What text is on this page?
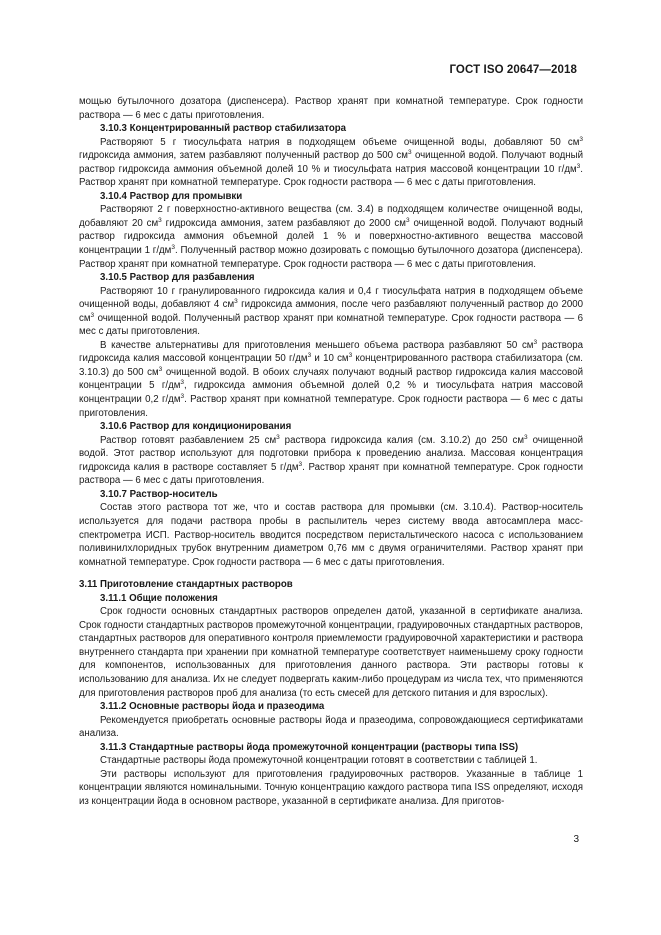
ГОСТ ISO 20647—2018

мощью бутылочного дозатора (диспенсера). Раствор хранят при комнатной температуре. Срок годности раствора — 6 мес с даты приготовления.

3.10.3 Концентрированный раствор стабилизатора

Растворяют 5 г тиосульфата натрия в подходящем объеме очищенной воды, добавляют 50 $см^3$ гидроксида аммония, затем разбавляют полученный раствор до 500 $см^3$ очищенной водой. Получают водный раствор гидроксида аммония объемной долей 10 % и тиосульфата натрия массовой концентрации 10 $г/дм^3$. Раствор хранят при комнатной температуре. Срок годности раствора — 6 мес с даты приготовления.

3.10.4 Раствор для промывки

Растворяют 2 г поверхностно-активного вещества (см. 3.4) в подходящем количестве очищенной воды, добавляют 20 $см^3$ гидроксида аммония, затем разбавляют до 2000 $см^3$ очищенной водой. Получают водный раствор гидроксида аммония объемной долей 1 % и поверхностно-активного вещества массовой концентрации 1 $г/дм^3$. Полученный раствор можно дозировать с помощью бутылочного дозатора (диспенсера). Раствор хранят при комнатной температуре. Срок годности раствора — 6 мес с даты приготовления.

3.10.5 Раствор для разбавления

Растворяют 10 г гранулированного гидроксида калия и 0,4 г тиосульфата натрия в подходящем объеме очищенной воды, добавляют 4 $см^3$ гидроксида аммония, после чего разбавляют полученный раствор до 2000 $см^3$ очищенной водой. Полученный раствор хранят при комнатной температуре. Срок годности раствора — 6 мес с даты приготовления.

В качестве альтернативы для приготовления меньшего объема раствора разбавляют 50 $см^3$ раствора гидроксида калия массовой концентрации 50 $г/дм^3$ и 10 $см^3$ концентрированного раствора стабилизатора (см. 3.10.3) до 500 $см^3$ очищенной водой. В обоих случаях получают водный раствор гидроксида калия массовой концентрации 5 $г/дм^3$, гидроксида аммония объемной долей 0,2 % и тиосульфата натрия массовой концентрации 0,2 $г/дм^3$. Раствор хранят при комнатной температуре. Срок годности раствора — 6 мес с даты приготовления.

3.10.6 Раствор для кондиционирования

Раствор готовят разбавлением 25 $см^3$ раствора гидроксида калия (см. 3.10.2) до 250 $см^3$ очищенной водой. Этот раствор используют для подготовки прибора к проведению анализа. Массовая концентрация гидроксида калия в растворе составляет 5 $г/дм^3$. Раствор хранят при комнатной температуре. Срок годности раствора — 6 мес с даты приготовления.

3.10.7 Раствор-носитель

Состав этого раствора тот же, что и состав раствора для промывки (см. 3.10.4). Раствор-носитель используется для подачи раствора пробы в распылитель через систему ввода автосамплера масс-спектрометра ИСП. Раствор-носитель вводится посредством перистальтического насоса с использованием поливинилхлоридных трубок внутренним диаметром 0,76 мм с двумя ограничителями. Раствор хранят при комнатной температуре. Срок годности раствора — 6 мес с даты приготовления.

3.11 Приготовление стандартных растворов

3.11.1 Общие положения

Срок годности основных стандартных растворов определен датой, указанной в сертификате анализа. Срок годности стандартных растворов промежуточной концентрации, градуировочных стандартных растворов, стандартных растворов для оперативного контроля приемлемости градуировочной характеристики и раствора внутреннего стандарта при хранении при комнатной температуре соответствует наименьшему сроку годности для компонентов, использованных для приготовления данного раствора. Эти растворы готовы к использованию для анализа. Их не следует подвергать каким-либо процедурам из числа тех, что применяются для приготовления растворов проб для анализа (то есть смесей для детского питания и для взрослых).

3.11.2 Основные растворы йода и празеодима

Рекомендуется приобретать основные растворы йода и празеодима, сопровождающиеся сертификатами анализа.

3.11.3 Стандартные растворы йода промежуточной концентрации (растворы типа ISS)

Стандартные растворы йода промежуточной концентрации готовят в соответствии с таблицей 1.

Эти растворы используют для приготовления градуировочных растворов. Указанные в таблице 1 концентрации являются номинальными. Точную концентрацию каждого раствора типа ISS определяют, исходя из концентрации йода в основном растворе, указанной в сертификате анализа. Для приготов-

3
